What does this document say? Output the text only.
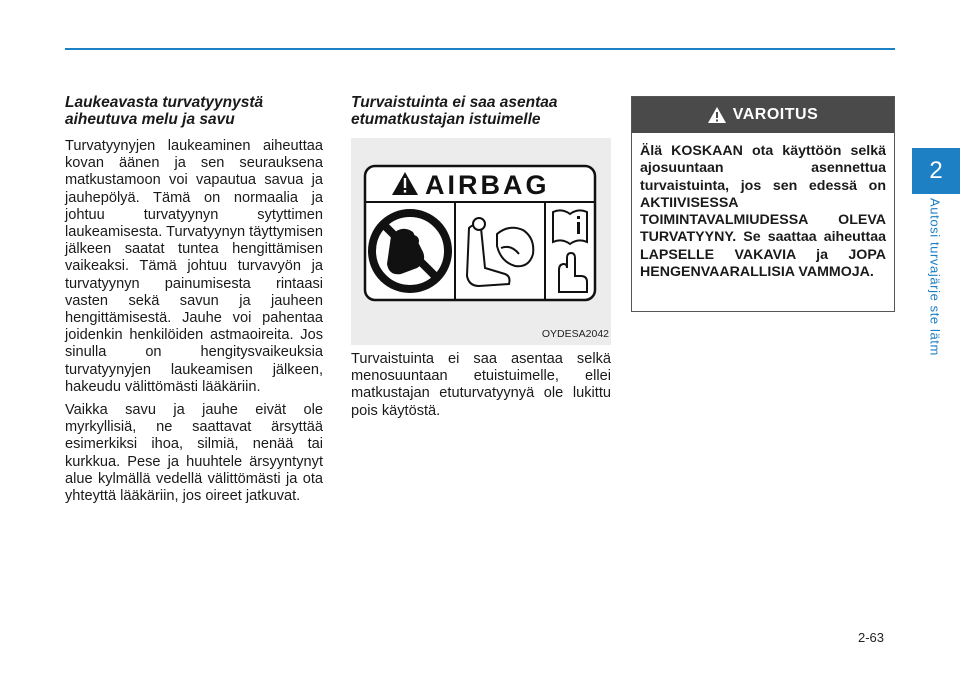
2
Autosi turvajärje ste lätm
Laukeavasta turvatyynystä
aiheutuva melu ja savu

Turvatyynyjen laukeaminen aiheuttaa kovan äänen ja sen seurauksena matkustamoon voi vapautua savua ja jauhepölyä. Tämä on normaalia ja johtuu turvatyynyn sytyttimen laukeamisesta. Turvatyynyn täyttymisen jälkeen saatat tuntea hengittämisen vaikeaksi. Tämä johtuu turvavyön ja turvatyynyn painumisesta rintaasi vasten sekä savun ja jauheen hengittämisestä. Jauhe voi pahentaa joidenkin henkilöiden astmaoireita. Jos sinulla on hengitysvaikeuksia turvatyynyjen laukeamisen jälkeen, hakeudu välittömästi lääkäriin.

Vaikka savu ja jauhe eivät ole myrkyllisiä, ne saattavat ärsyttää esimerkiksi ihoa, silmiä, nenää tai kurkkua. Pese ja huuhtele ärsyyntynyt alue kylmällä vedellä välittömästi ja ota yhteyttä lääkäriin, jos oireet jatkuvat.

Turvaistuinta ei saa asentaa
etumatkustajan istuimelle
AIRBAG
OYDESA2042

Turvaistuinta ei saa asentaa selkä menosuuntaan etuistuimelle, ellei matkustajan etuturvatyynyä ole lukittu pois käytöstä.

VAROITUS
Älä KOSKAAN ota käyttöön selkä ajosuuntaan asennettua turvaistuinta, jos sen edessä on AKTIIVISESSA TOIMINTAVALMIUDESSA OLEVA TURVATYYNY. Se saattaa aiheuttaa LAPSELLE VAKAVIA ja JOPA HENGENVAARALLISIA VAMMOJA.
2-63
